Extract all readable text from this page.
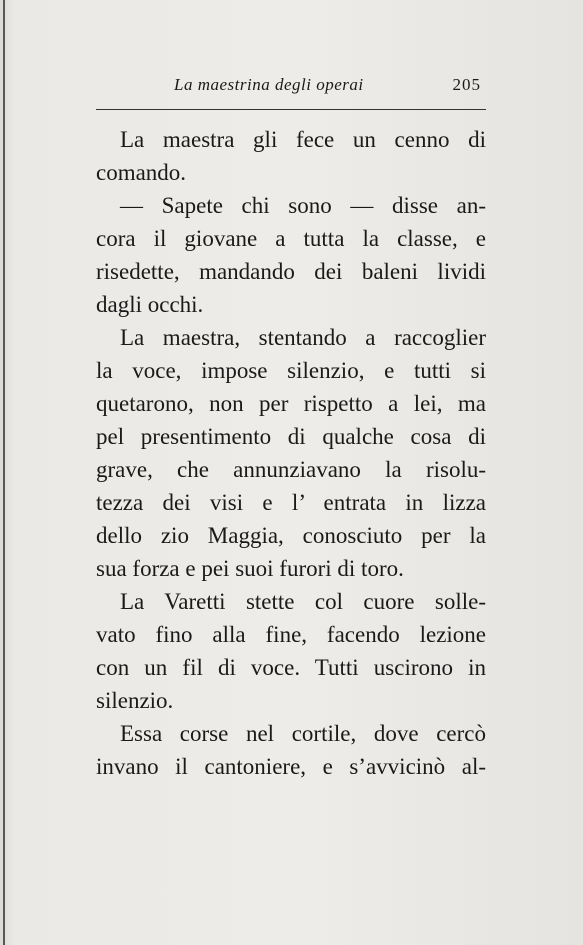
La maestrina degli operai	205
La maestra gli fece un cenno di
comando.
— Sapete chi sono — disse an-
cora il giovane a tutta la classe, e
risedette, mandando dei baleni lividi
dagli occhi.
La maestra, stentando a raccoglier
la voce, impose silenzio, e tutti si
quetarono, non per rispetto a lei, ma
pel presentimento di qualche cosa di
grave, che annunziavano la risolu-
tezza dei visi e l’ entrata in lizza
dello zio Maggia, conosciuto per la
sua forza e pei suoi furori di toro.
La Varetti stette col cuore solle-
vato fino alla fine, facendo lezione
con un fil di voce. Tutti uscirono in
silenzio.
Essa corse nel cortile, dove cercò
invano il cantoniere, e s’avvicinò al-
